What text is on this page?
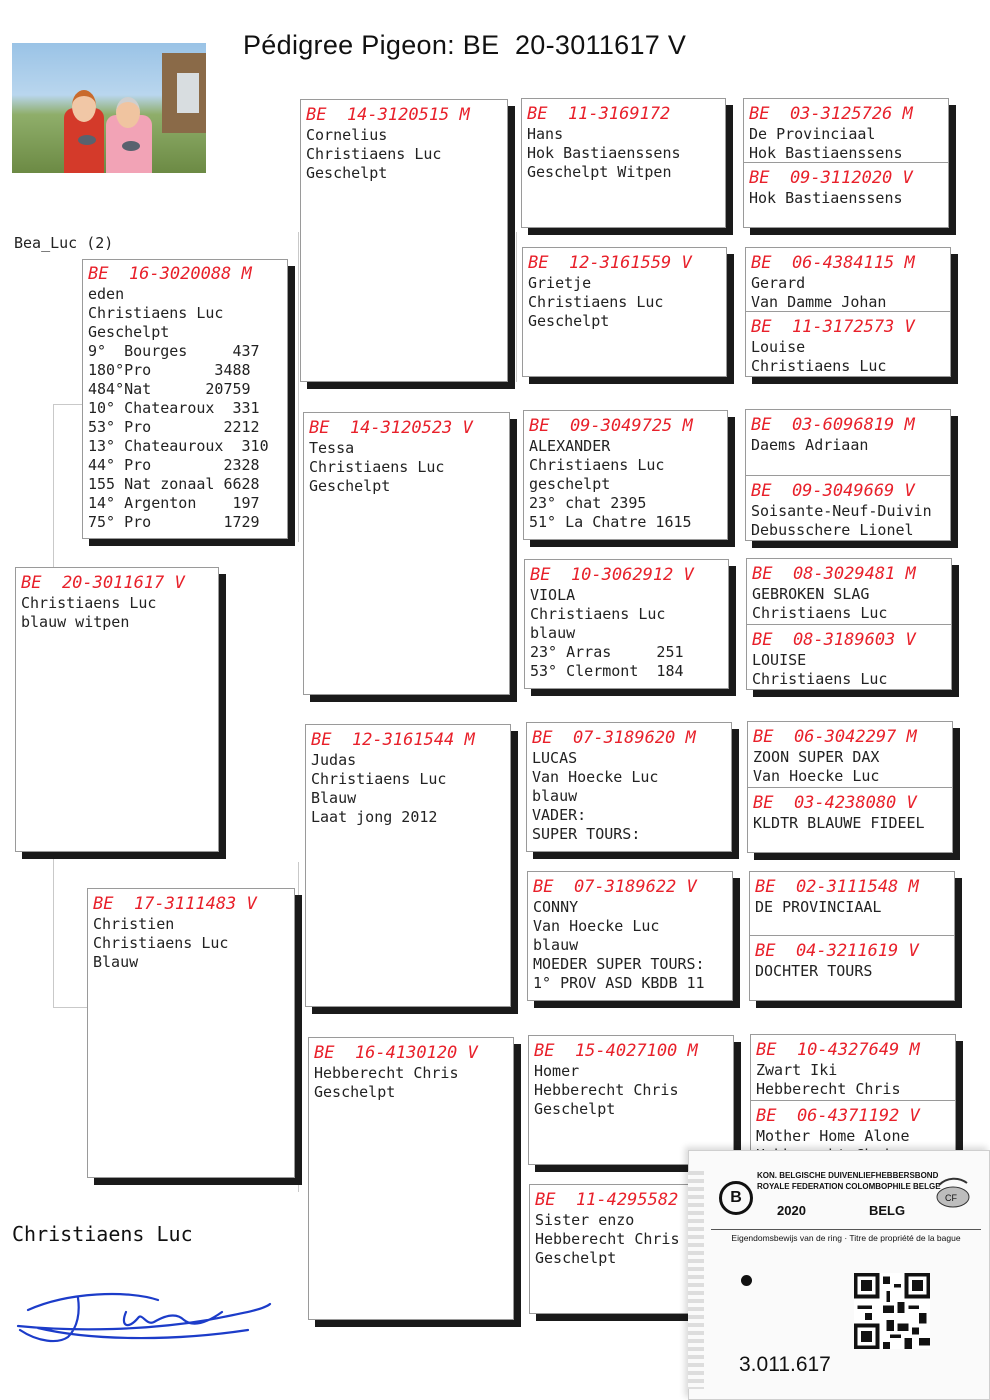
Pédigree Pigeon: BE  20-3011617 V
Bea_Luc (2)
BE  20-3011617 V
Christiaens Luc
blauw witpen
BE  16-3020088 M
eden
Christiaens Luc
Geschelpt
9°  Bourges     437
180°Pro       3488
484°Nat      20759
10° Chatearoux  331
53° Pro        2212
13° Chateauroux  310
44° Pro        2328
155 Nat zonaal 6628
14° Argenton    197
75° Pro        1729
BE  17-3111483 V
Christien
Christiaens Luc
Blauw
BE  14-3120515 M
Cornelius
Christiaens Luc
Geschelpt
BE  14-3120523 V
Tessa
Christiaens Luc
Geschelpt
BE  12-3161544 M
Judas
Christiaens Luc
Blauw
Laat jong 2012
BE  16-4130120 V
Hebberecht Chris
Geschelpt
BE  11-3169172
Hans
Hok Bastiaenssens
Geschelpt Witpen
BE  12-3161559 V
Grietje
Christiaens Luc
Geschelpt
BE  09-3049725 M
ALEXANDER
Christiaens Luc
geschelpt
23° chat 2395
51° La Chatre 1615
BE  10-3062912 V
VIOLA
Christiaens Luc
blauw
23° Arras     251
53° Clermont  184
BE  07-3189620 M
LUCAS
Van Hoecke Luc
blauw
VADER:
SUPER TOURS:
BE  07-3189622 V
CONNY
Van Hoecke Luc
blauw
MOEDER SUPER TOURS:
1° PROV ASD KBDB 11
BE  15-4027100 M
Homer
Hebberecht Chris
Geschelpt
BE  11-4295582
Sister enzo
Hebberecht Chris
Geschelpt
BE  03-3125726 M
De Provinciaal
Hok Bastiaenssens
BE  09-3112020 V
Hok Bastiaenssens
BE  06-4384115 M
Gerard
Van Damme Johan
BE  11-3172573 V
Louise
Christiaens Luc
BE  03-6096819 M
Daems Adriaan
BE  09-3049669 V
Soisante-Neuf-Duivin
Debusschere Lionel
BE  08-3029481 M
GEBROKEN SLAG
Christiaens Luc
BE  08-3189603 V
LOUISE
Christiaens Luc
BE  06-3042297 M
ZOON SUPER DAX
Van Hoecke Luc
BE  03-4238080 V
KLDTR BLAUWE FIDEEL
BE  02-3111548 M
DE PROVINCIAAL
BE  04-3211619 V
DOCHTER TOURS
BE  10-4327649 M
Zwart Iki
Hebberecht Chris
BE  06-4371192 V
Mother Home Alone
Christiaens Luc
B
KON. BELGISCHE DUIVENLIEFHEBBERSBOND
ROYALE FEDERATION COLOMBOPHILE BELGE
CF
2020	BELG
Eigendomsbewijs van de ring · Titre de propriété de la bague
3.011.617
